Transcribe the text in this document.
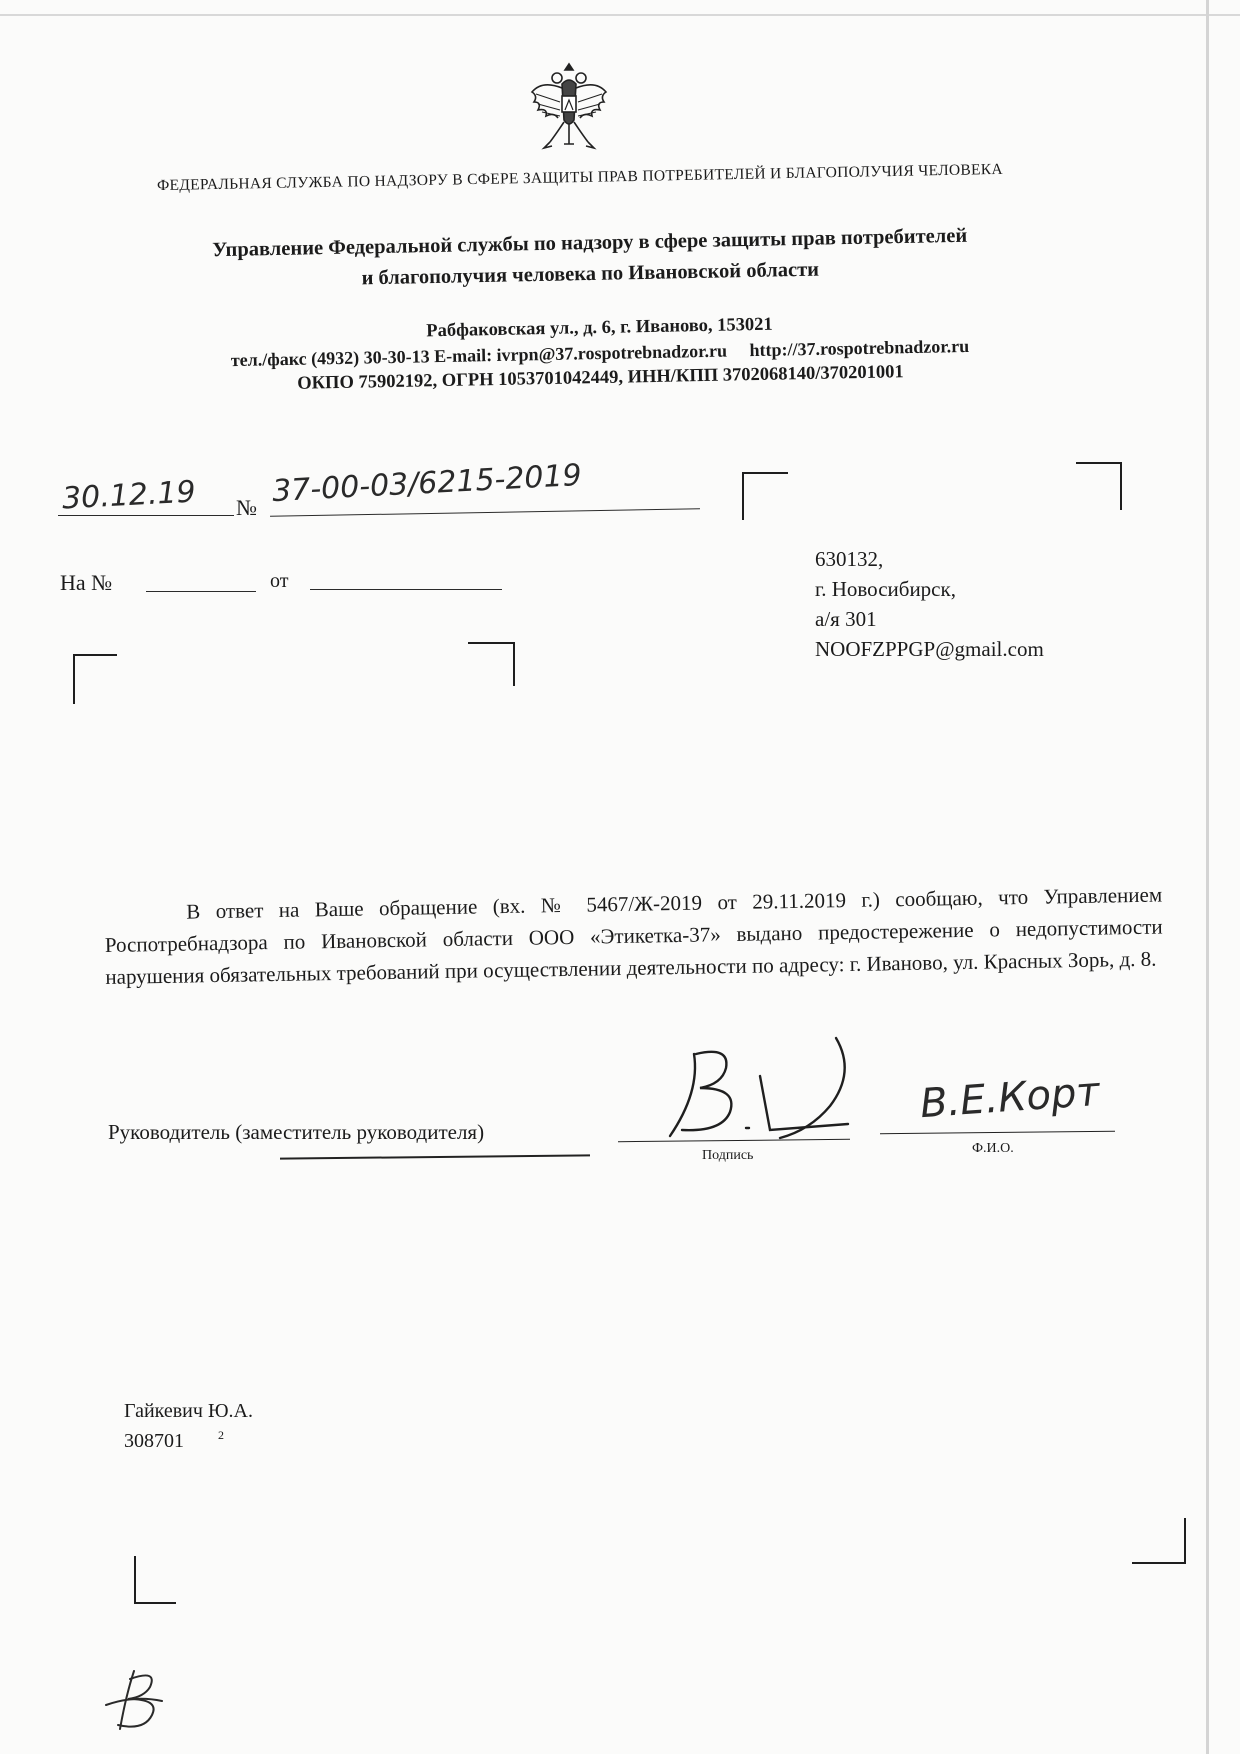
ФЕДЕРАЛЬНАЯ СЛУЖБА ПО НАДЗОРУ В СФЕРЕ ЗАЩИТЫ ПРАВ ПОТРЕБИТЕЛЕЙ И БЛАГОПОЛУЧИЯ ЧЕЛОВЕКА
Управление Федеральной службы по надзору в сфере защиты прав потребителей
и благополучия человека по Ивановской области
Рабфаковская ул., д. 6, г. Иваново, 153021
тел./факс (4932) 30-30-13 E-mail: ivrpn@37.rospotrebnadzor.ru     http://37.rospotrebnadzor.ru
ОКПО 75902192, ОГРН 1053701042449, ИНН/КПП 3702068140/370201001
30.12.19 № 37-00-03/6215-2019
На №	от
630132,
г. Новосибирск,
а/я 301
NOOFZPPGP@gmail.com

В ответ на Ваше обращение (вх. № 5467/Ж-2019 от 29.11.2019 г.) сообщаю, что Управлением Роспотребнадзора по Ивановской области ООО «Этикетка-37» выдано предостережение о недопустимости нарушения обязательных требований при осуществлении деятельности по адресу: г. Иваново, ул. Красных Зорь, д. 8.

В.Е.Корт
Руководитель (заместитель руководителя)
Подпись	Ф.И.О.
Гайкевич Ю.А.
308701	2
